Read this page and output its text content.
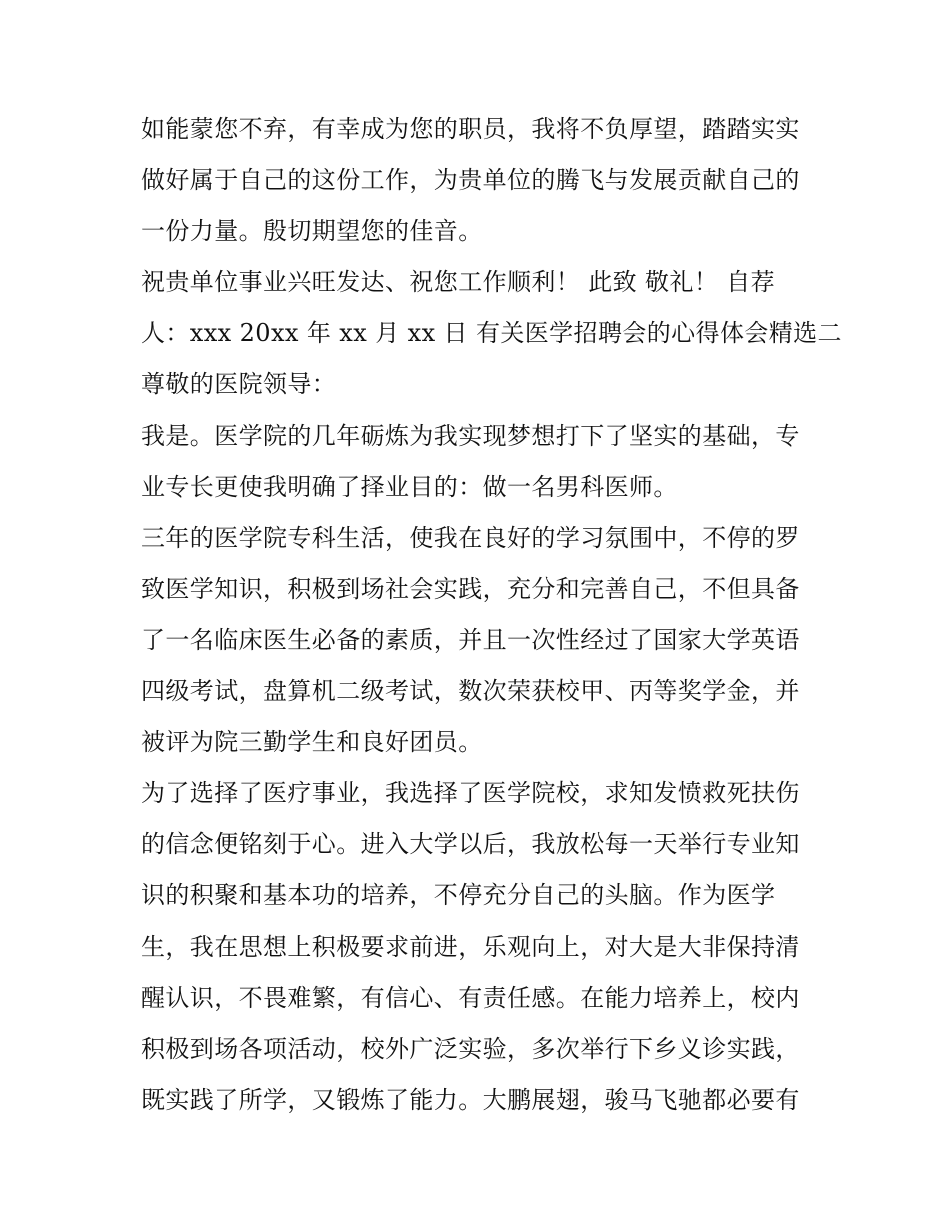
如能蒙您不弃，有幸成为您的职员，我将不负厚望，踏踏实实
做好属于自己的这份工作，为贵单位的腾飞与发展贡献自己的
一份力量。殷切期望您的佳音。
祝贵单位事业兴旺发达、祝您工作顺利！ 此致 敬礼！ 自荐
人：xxx 20xx 年 xx 月 xx 日 有关医学招聘会的心得体会精选二
尊敬的医院领导：
我是。医学院的几年砺炼为我实现梦想打下了坚实的基础，专
业专长更使我明确了择业目的：做一名男科医师。
三年的医学院专科生活，使我在良好的学习氛围中，不停的罗
致医学知识，积极到场社会实践，充分和完善自己，不但具备
了一名临床医生必备的素质，并且一次性经过了国家大学英语
四级考试，盘算机二级考试，数次荣获校甲、丙等奖学金，并
被评为院三勤学生和良好团员。
为了选择了医疗事业，我选择了医学院校，求知发愤救死扶伤
的信念便铭刻于心。进入大学以后，我放松每一天举行专业知
识的积聚和基本功的培养，不停充分自己的头脑。作为医学
生，我在思想上积极要求前进，乐观向上，对大是大非保持清
醒认识，不畏难繁，有信心、有责任感。在能力培养上，校内
积极到场各项活动，校外广泛实验，多次举行下乡义诊实践，
既实践了所学，又锻炼了能力。大鹏展翅，骏马飞驰都必要有
